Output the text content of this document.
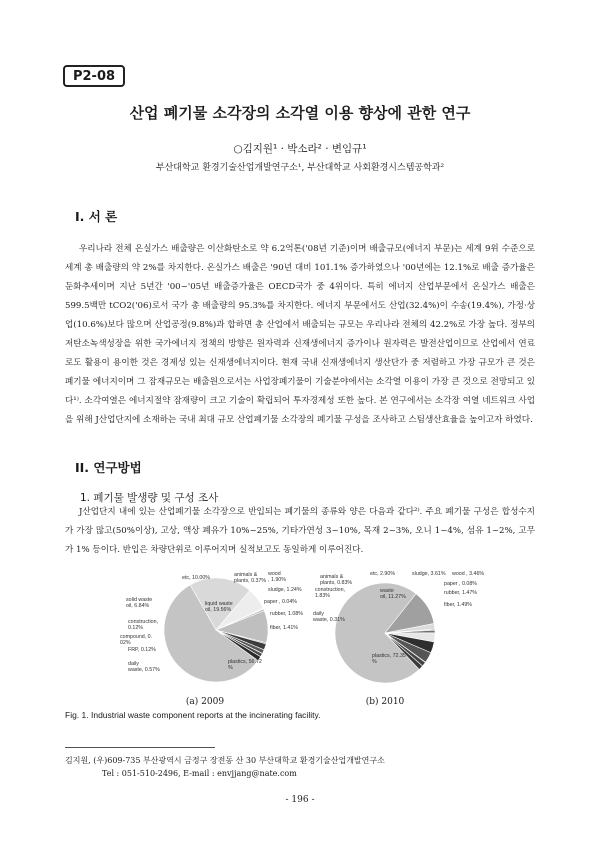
P2-08
산업 폐기물 소각장의 소각열 이용 향상에 관한 연구
○김지원¹ · 박소라² · 변임규¹
부산대학교 환경기술산업개발연구소¹, 부산대학교 사회환경시스템공학과²
I. 서 론

우리나라 전체 온실가스 배출량은 이산화탄소로 약 6.2억톤('08년 기준)이며 배출규모(에너지 부문)는 세계 9위 수준으로 세계 총 배출량의 약 2%를 차지한다. 온실가스 배출은 '90년 대비 101.1% 증가하였으나 '00년에는 12.1%로 배출 증가율은 둔화추세이며 지난 5년간 '00~'05년 배출증가율은 OECD국가 중 4위이다. 특히 에너지 산업부문에서 온실가스 배출은 599.5백만 tCO2('06)로서 국가 총 배출량의 95.3%를 차지한다. 에너지 부문에서도 산업(32.4%)이 수송(19.4%), 가정·상업(10.6%)보다 많으며 산업공정(9.8%)과 합하면 총 산업에서 배출되는 규모는 우리나라 전체의 42.2%로 가장 높다. 정부의 저탄소녹색성장을 위한 국가에너지 정책의 방향은 원자력과 신재생에너지 증가이나 원자력은 발전산업이므로 산업에서 연료로도 활용이 용이한 것은 경제성 있는 신재생에너지이다. 현재 국내 신재생에너지 생산단가 중 저렴하고 가장 규모가 큰 것은 폐기물 에너지이며 그 잠재규모는 배출원으로서는 사업장폐기물이 기술분야에서는 소각열 이용이 가장 큰 것으로 전망되고 있다¹⁾. 소각여열은 에너지절약 잠재량이 크고 기술이 확립되어 투자경제성 또한 높다. 본 연구에서는 소각장 여열 네트워크 사업을 위해 J산업단지에 소재하는 국내 최대 규모 산업폐기물 소각장의 폐기물 구성을 조사하고 스팀생산효율을 높이고자 하였다.

II. 연구방법
1. 폐기물 발생량 및 구성 조사

J산업단지 내에 있는 산업폐기물 소각장으로 반입되는 폐기물의 종류와 양은 다음과 같다²⁾. 주요 폐기물 구성은 합성수지가 가장 많고(50%이상), 고상, 액상 폐유가 10%~25%, 기타가연성 3~10%, 목재 2~3%, 오니 1~4%, 섬유 1~2%, 고무가 1% 등이다. 반입은 차량단위로 이루어지며 실적보고도 동일하게 이루어진다.

plastics, 56.72 %
liquid waste oil, 19.56%
solid waste oil, 6.84%
construction, 0.12%
compound, 0. 02%
FRP, 0.12%
daily waste, 0.57%
etc, 10.00%	animals & plants, 0.37%
wood , 1.90%
sludge, 1.24%
paper , 0.04%
rubber, 1.08%
fiber, 1.41%
plastics, 72.35 %
waste oil, 11.27%
construction, 1.83%
daily waste, 0.31%
animals & plants, 0.83%
etc, 2.90%	sludge, 3.61% wood , 3.46%
paper , 0.08%
rubber, 1.47%
fiber, 1.49%
(a) 2009	(b) 2010
Fig. 1. Industrial waste component reports at the incinerating facility.
김지원, (우)609-735 부산광역시 금정구 장전동 산 30 부산대학교 환경기술산업개발연구소
Tel : 051-510-2496, E-mail : envjjang@nate.com
- 196 -
